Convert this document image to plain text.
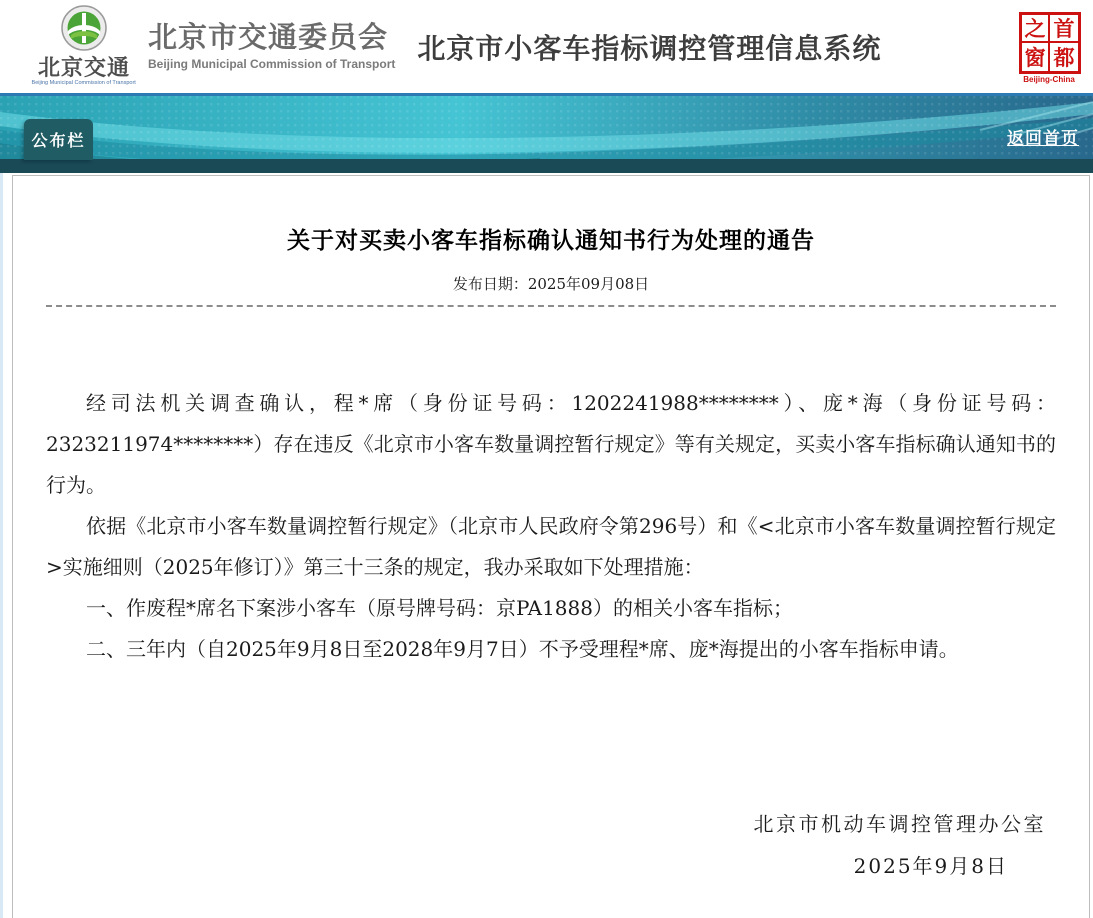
北京交通
Beijing Municipal Commission of Transport
北京市交通委员会
Beijing Municipal Commission of Transport
北京市小客车指标调控管理信息系统
之 首
窗 都
Beijing-China
公布栏	返回首页
关于对买卖小客车指标确认通知书行为处理的通告
发布日期：2025年09月08日

经司法机关调查确认，程*席（身份证号码：1202241988********）、庞*海（身份证号码：2323211974********）存在违反《北京市小客车数量调控暂行规定》等有关规定，买卖小客车指标确认通知书的行为。

依据《北京市小客车数量调控暂行规定》（北京市人民政府令第296号）和《<北京市小客车数量调控暂行规定>实施细则（2025年修订）》第三十三条的规定，我办采取如下处理措施：

一、作废程*席名下案涉小客车（原号牌号码：京PA1888）的相关小客车指标；

二、三年内（自2025年9月8日至2028年9月7日）不予受理程*席、庞*海提出的小客车指标申请。

北京市机动车调控管理办公室
2025年9月8日
